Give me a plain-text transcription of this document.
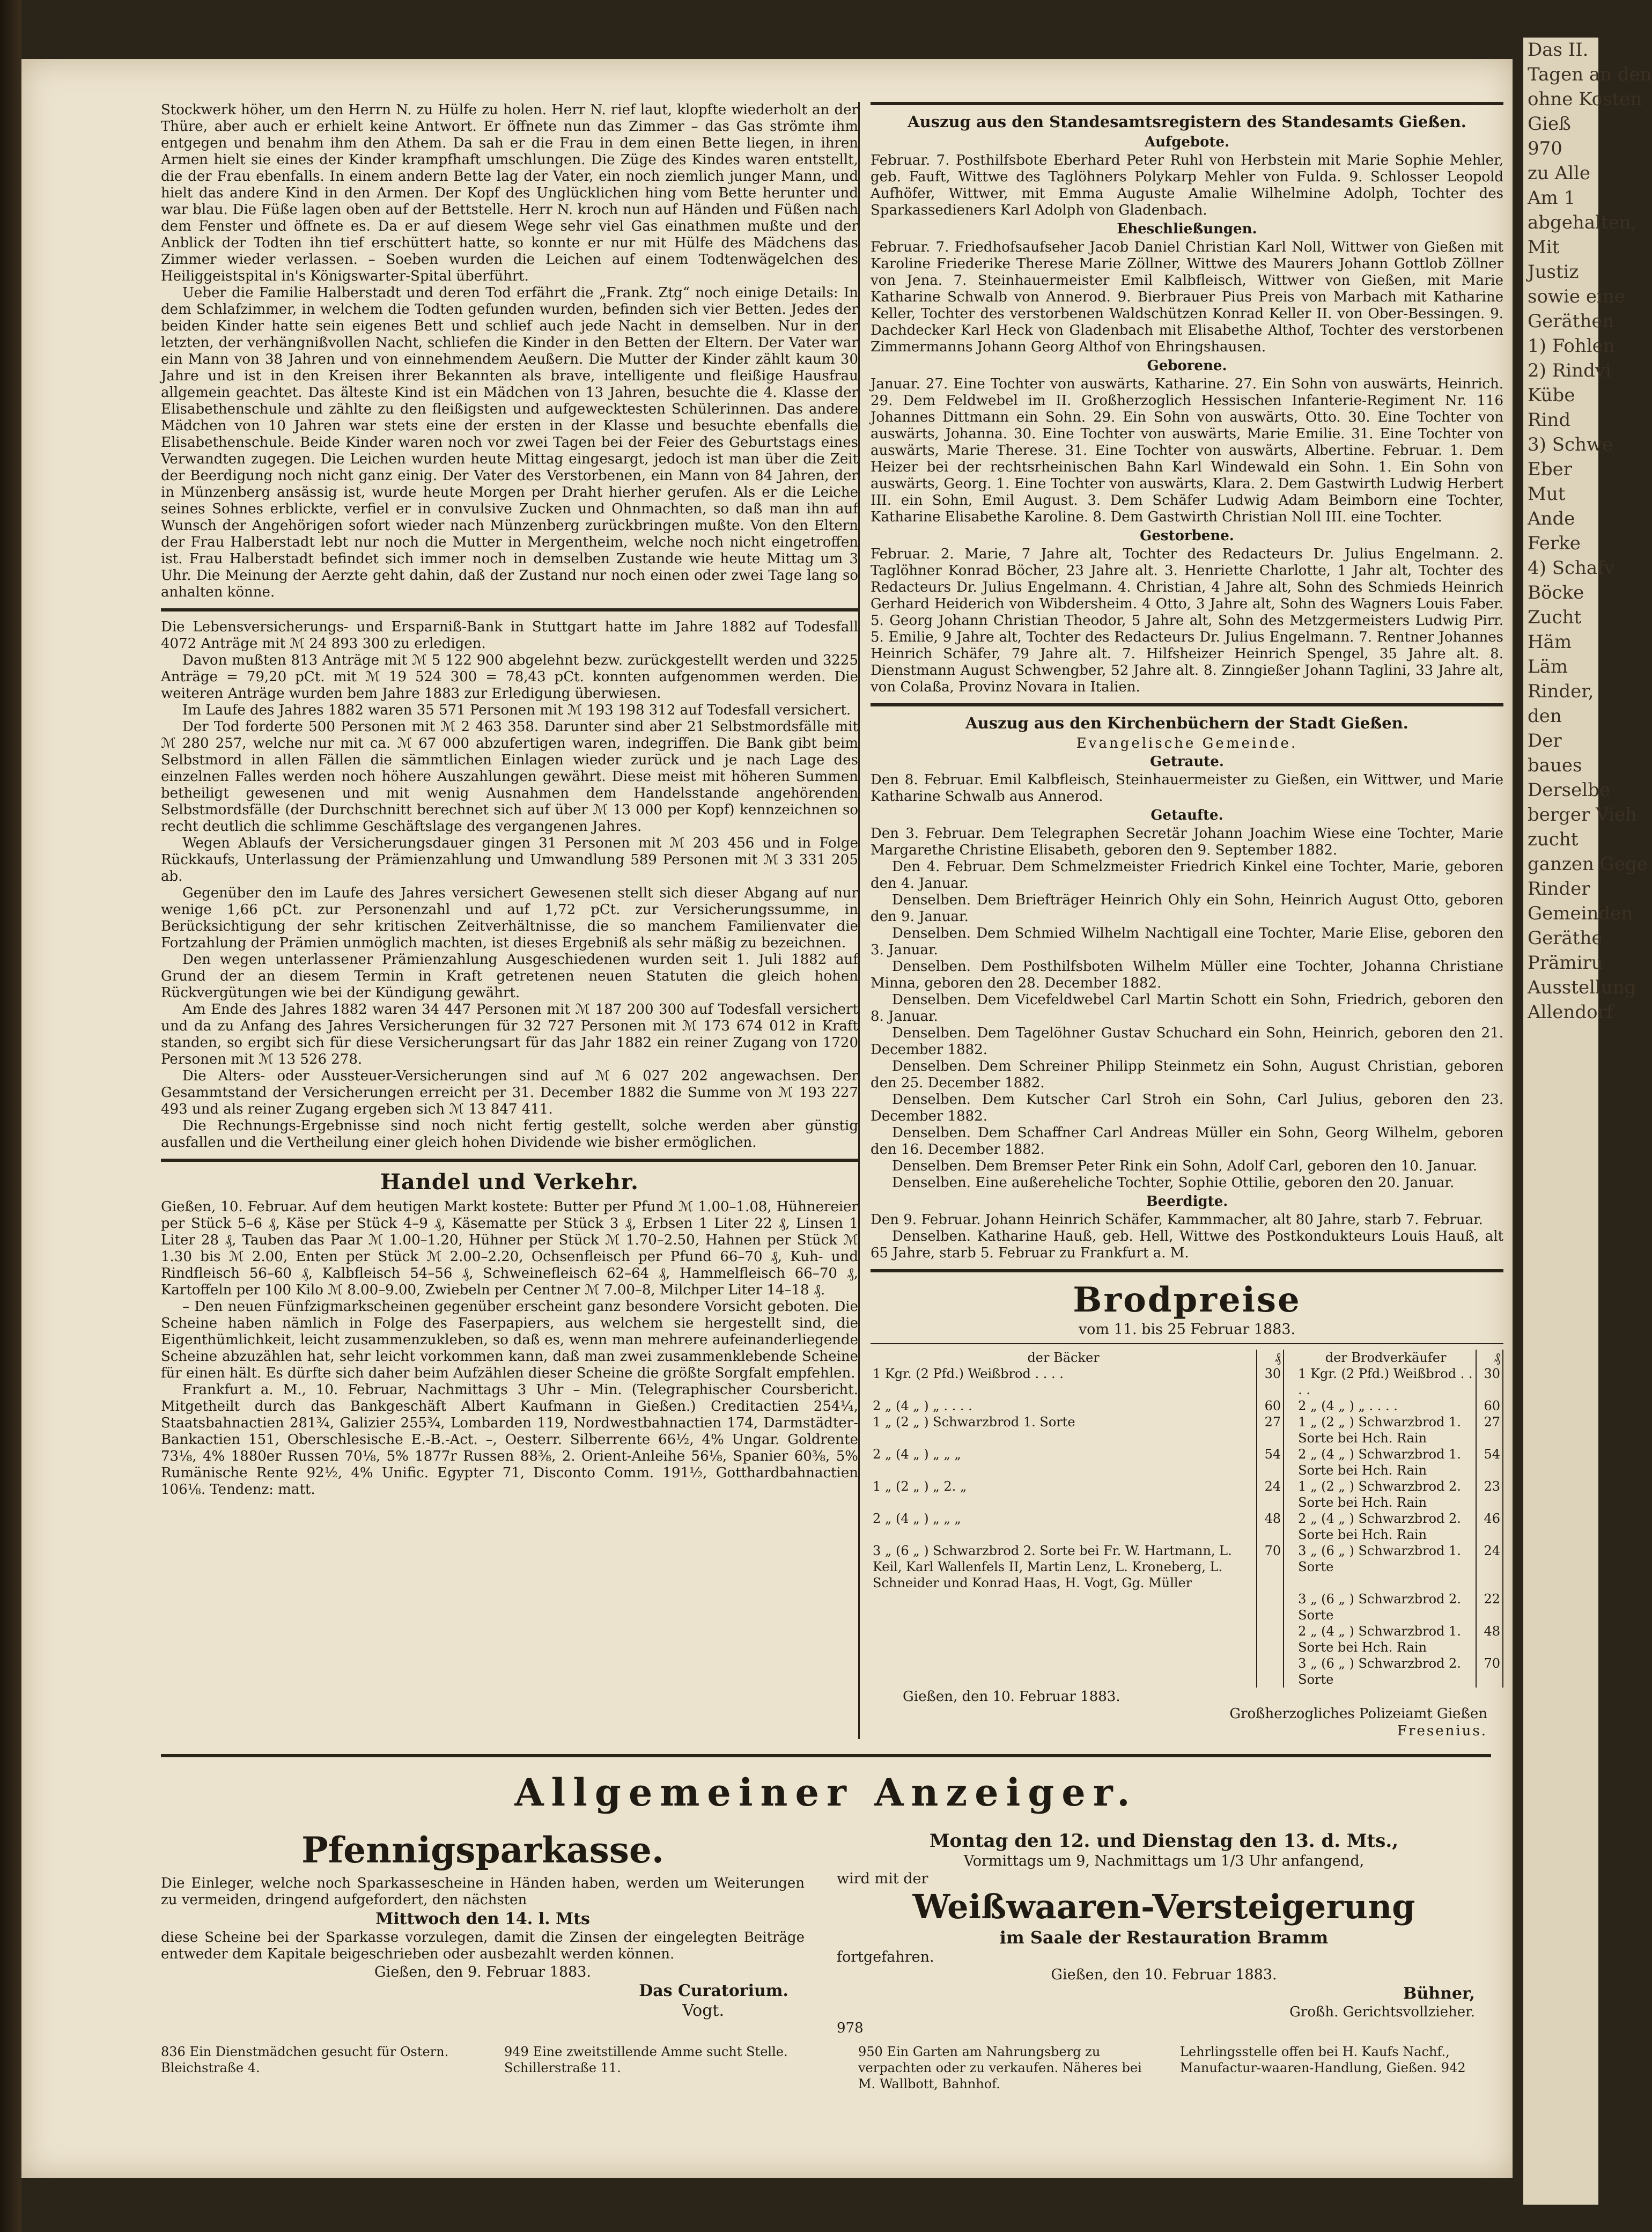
Stockwerk höher, um den Herrn N. zu Hülfe zu holen. Herr N. rief laut, klopfte wiederholt an der Thüre, aber auch er erhielt keine Antwort. Er öffnete nun das Zimmer – das Gas strömte ihm entgegen und benahm ihm den Athem. Da sah er die Frau in dem einen Bette liegen, in ihren Armen hielt sie eines der Kinder krampfhaft umschlungen. Die Züge des Kindes waren entstellt, die der Frau ebenfalls. In einem andern Bette lag der Vater, ein noch ziemlich junger Mann, und hielt das andere Kind in den Armen. Der Kopf des Unglücklichen hing vom Bette herunter und war blau. Die Füße lagen oben auf der Bettstelle. Herr N. kroch nun auf Händen und Füßen nach dem Fenster und öffnete es. Da er auf diesem Wege sehr viel Gas einathmen mußte und der Anblick der Todten ihn tief erschüttert hatte, so konnte er nur mit Hülfe des Mädchens das Zimmer wieder verlassen. – Soeben wurden die Leichen auf einem Todtenwägelchen des Heiliggeistspital in's Königswarter-Spital überführt.

Ueber die Familie Halberstadt und deren Tod erfährt die „Frank. Ztg“ noch einige Details: In dem Schlafzimmer, in welchem die Todten gefunden wurden, befinden sich vier Betten. Jedes der beiden Kinder hatte sein eigenes Bett und schlief auch jede Nacht in demselben. Nur in der letzten, der verhängnißvollen Nacht, schliefen die Kinder in den Betten der Eltern. Der Vater war ein Mann von 38 Jahren und von einnehmendem Aeußern. Die Mutter der Kinder zählt kaum 30 Jahre und ist in den Kreisen ihrer Bekannten als brave, intelligente und fleißige Hausfrau allgemein geachtet. Das älteste Kind ist ein Mädchen von 13 Jahren, besuchte die 4. Klasse der Elisabethenschule und zählte zu den fleißigsten und aufgewecktesten Schülerinnen. Das andere Mädchen von 10 Jahren war stets eine der ersten in der Klasse und besuchte ebenfalls die Elisabethenschule. Beide Kinder waren noch vor zwei Tagen bei der Feier des Geburtstags eines Verwandten zugegen. Die Leichen wurden heute Mittag eingesargt, jedoch ist man über die Zeit der Beerdigung noch nicht ganz einig. Der Vater des Verstorbenen, ein Mann von 84 Jahren, der in Münzenberg ansässig ist, wurde heute Morgen per Draht hierher gerufen. Als er die Leiche seines Sohnes erblickte, verfiel er in convulsive Zucken und Ohnmachten, so daß man ihn auf Wunsch der Angehörigen sofort wieder nach Münzenberg zurückbringen mußte. Von den Eltern der Frau Halberstadt lebt nur noch die Mutter in Mergentheim, welche noch nicht eingetroffen ist. Frau Halberstadt befindet sich immer noch in demselben Zustande wie heute Mittag um 3 Uhr. Die Meinung der Aerzte geht dahin, daß der Zustand nur noch einen oder zwei Tage lang so anhalten könne.

Die Lebensversicherungs- und Ersparniß-Bank in Stuttgart hatte im Jahre 1882 auf Todesfall 4072 Anträge mit ℳ 24 893 300 zu erledigen.

Davon mußten 813 Anträge mit ℳ 5 122 900 abgelehnt bezw. zurückgestellt werden und 3225 Anträge = 79,20 pCt. mit ℳ 19 524 300 = 78,43 pCt. konnten aufgenommen werden. Die weiteren Anträge wurden bem Jahre 1883 zur Erledigung überwiesen.

Im Laufe des Jahres 1882 waren 35 571 Personen mit ℳ 193 198 312 auf Todesfall versichert.

Der Tod forderte 500 Personen mit ℳ 2 463 358. Darunter sind aber 21 Selbstmordsfälle mit ℳ 280 257, welche nur mit ca. ℳ 67 000 abzufertigen waren, indegriffen. Die Bank gibt beim Selbstmord in allen Fällen die sämmtlichen Einlagen wieder zurück und je nach Lage des einzelnen Falles werden noch höhere Auszahlungen gewährt. Diese meist mit höheren Summen betheiligt gewesenen und mit wenig Ausnahmen dem Handelsstande angehörenden Selbstmordsfälle (der Durchschnitt berechnet sich auf über ℳ 13 000 per Kopf) kennzeichnen so recht deutlich die schlimme Geschäftslage des vergangenen Jahres.

Wegen Ablaufs der Versicherungsdauer gingen 31 Personen mit ℳ 203 456 und in Folge Rückkaufs, Unterlassung der Prämienzahlung und Umwandlung 589 Personen mit ℳ 3 331 205 ab.

Gegenüber den im Laufe des Jahres versichert Gewesenen stellt sich dieser Abgang auf nur wenige 1,66 pCt. zur Personenzahl und auf 1,72 pCt. zur Versicherungssumme, in Berücksichtigung der sehr kritischen Zeitverhältnisse, die so manchem Familienvater die Fortzahlung der Prämien unmöglich machten, ist dieses Ergebniß als sehr mäßig zu bezeichnen.

Den wegen unterlassener Prämienzahlung Ausgeschiedenen wurden seit 1. Juli 1882 auf Grund der an diesem Termin in Kraft getretenen neuen Statuten die gleich hohen Rückvergütungen wie bei der Kündigung gewährt.

Am Ende des Jahres 1882 waren 34 447 Personen mit ℳ 187 200 300 auf Todesfall versichert und da zu Anfang des Jahres Versicherungen für 32 727 Personen mit ℳ 173 674 012 in Kraft standen, so ergibt sich für diese Versicherungsart für das Jahr 1882 ein reiner Zugang von 1720 Personen mit ℳ 13 526 278.

Die Alters- oder Aussteuer-Versicherungen sind auf ℳ 6 027 202 angewachsen. Der Gesammtstand der Versicherungen erreicht per 31. December 1882 die Summe von ℳ 193 227 493 und als reiner Zugang ergeben sich ℳ 13 847 411.

Die Rechnungs-Ergebnisse sind noch nicht fertig gestellt, solche werden aber günstig ausfallen und die Vertheilung einer gleich hohen Dividende wie bisher ermöglichen.

Handel und Verkehr.

Gießen, 10. Februar. Auf dem heutigen Markt kostete: Butter per Pfund ℳ 1.00–1.08, Hühnereier per Stück 5–6 ₰, Käse per Stück 4–9 ₰, Käsematte per Stück 3 ₰, Erbsen 1 Liter 22 ₰, Linsen 1 Liter 28 ₰, Tauben das Paar ℳ 1.00–1.20, Hühner per Stück ℳ 1.70–2.50, Hahnen per Stück ℳ 1.30 bis ℳ 2.00, Enten per Stück ℳ 2.00–2.20, Ochsenfleisch per Pfund 66–70 ₰, Kuh- und Rindfleisch 56–60 ₰, Kalbfleisch 54–56 ₰, Schweinefleisch 62–64 ₰, Hammelfleisch 66–70 ₰, Kartoffeln per 100 Kilo ℳ 8.00–9.00, Zwiebeln per Centner ℳ 7.00–8, Milchper Liter 14–18 ₰.

– Den neuen Fünfzigmarkscheinen gegenüber erscheint ganz besondere Vorsicht geboten. Die Scheine haben nämlich in Folge des Faserpapiers, aus welchem sie hergestellt sind, die Eigenthümlichkeit, leicht zusammenzukleben, so daß es, wenn man mehrere aufeinanderliegende Scheine abzuzählen hat, sehr leicht vorkommen kann, daß man zwei zusammenklebende Scheine für einen hält. Es dürfte sich daher beim Aufzählen dieser Scheine die größte Sorgfalt empfehlen.

Frankfurt a. M., 10. Februar, Nachmittags 3 Uhr – Min. (Telegraphischer Coursbericht. Mitgetheilt durch das Bankgeschäft Albert Kaufmann in Gießen.) Creditactien 254¼, Staatsbahnactien 281¾, Galizier 255¾, Lombarden 119, Nordwestbahnactien 174, Darmstädter-Bankactien 151, Oberschlesische E.-B.-Act. –, Oesterr. Silberrente 66½, 4% Ungar. Goldrente 73⅛, 4% 1880er Russen 70⅛, 5% 1877r Russen 88⅜, 2. Orient-Anleihe 56⅛, Spanier 60⅜, 5% Rumänische Rente 92½, 4% Unific. Egypter 71, Disconto Comm. 191½, Gotthardbahnactien 106⅛. Tendenz: matt.

Auszug aus den Standesamtsregistern des Standesamts Gießen.
Aufgebote.

Februar. 7. Posthilfsbote Eberhard Peter Ruhl von Herbstein mit Marie Sophie Mehler, geb. Fauft, Wittwe des Taglöhners Polykarp Mehler von Fulda. 9. Schlosser Leopold Aufhöfer, Wittwer, mit Emma Auguste Amalie Wilhelmine Adolph, Tochter des Sparkassedieners Karl Adolph von Gladenbach.

Eheschließungen.

Februar. 7. Friedhofsaufseher Jacob Daniel Christian Karl Noll, Wittwer von Gießen mit Karoline Friederike Therese Marie Zöllner, Wittwe des Maurers Johann Gottlob Zöllner von Jena. 7. Steinhauermeister Emil Kalbfleisch, Wittwer von Gießen, mit Marie Katharine Schwalb von Annerod. 9. Bierbrauer Pius Preis von Marbach mit Katharine Keller, Tochter des verstorbenen Waldschützen Konrad Keller II. von Ober-Bessingen. 9. Dachdecker Karl Heck von Gladenbach mit Elisabethe Althof, Tochter des verstorbenen Zimmermanns Johann Georg Althof von Ehringshausen.

Geborene.

Januar. 27. Eine Tochter von auswärts, Katharine. 27. Ein Sohn von auswärts, Heinrich. 29. Dem Feldwebel im II. Großherzoglich Hessischen Infanterie-Regiment Nr. 116 Johannes Dittmann ein Sohn. 29. Ein Sohn von auswärts, Otto. 30. Eine Tochter von auswärts, Johanna. 30. Eine Tochter von auswärts, Marie Emilie. 31. Eine Tochter von auswärts, Marie Therese. 31. Eine Tochter von auswärts, Albertine. Februar. 1. Dem Heizer bei der rechtsrheinischen Bahn Karl Windewald ein Sohn. 1. Ein Sohn von auswärts, Georg. 1. Eine Tochter von auswärts, Klara. 2. Dem Gastwirth Ludwig Herbert III. ein Sohn, Emil August. 3. Dem Schäfer Ludwig Adam Beimborn eine Tochter, Katharine Elisabethe Karoline. 8. Dem Gastwirth Christian Noll III. eine Tochter.

Gestorbene.

Februar. 2. Marie, 7 Jahre alt, Tochter des Redacteurs Dr. Julius Engelmann. 2. Taglöhner Konrad Böcher, 23 Jahre alt. 3. Henriette Charlotte, 1 Jahr alt, Tochter des Redacteurs Dr. Julius Engelmann. 4. Christian, 4 Jahre alt, Sohn des Schmieds Heinrich Gerhard Heiderich von Wibdersheim. 4 Otto, 3 Jahre alt, Sohn des Wagners Louis Faber. 5. Georg Johann Christian Theodor, 5 Jahre alt, Sohn des Metzgermeisters Ludwig Pirr. 5. Emilie, 9 Jahre alt, Tochter des Redacteurs Dr. Julius Engelmann. 7. Rentner Johannes Heinrich Schäfer, 79 Jahre alt. 7. Hilfsheizer Heinrich Spengel, 35 Jahre alt. 8. Dienstmann August Schwengber, 52 Jahre alt. 8. Zinngießer Johann Taglini, 33 Jahre alt, von Colaßa, Provinz Novara in Italien.

Auszug aus den Kirchenbüchern der Stadt Gießen.
Evangelische Gemeinde.
Getraute.

Den 8. Februar. Emil Kalbfleisch, Steinhauermeister zu Gießen, ein Wittwer, und Marie Katharine Schwalb aus Annerod.

Getaufte.

Den 3. Februar. Dem Telegraphen Secretär Johann Joachim Wiese eine Tochter, Marie Margarethe Christine Elisabeth, geboren den 9. September 1882.

Den 4. Februar. Dem Schmelzmeister Friedrich Kinkel eine Tochter, Marie, geboren den 4. Januar.

Denselben. Dem Briefträger Heinrich Ohly ein Sohn, Heinrich August Otto, geboren den 9. Januar.

Denselben. Dem Schmied Wilhelm Nachtigall eine Tochter, Marie Elise, geboren den 3. Januar.

Denselben. Dem Posthilfsboten Wilhelm Müller eine Tochter, Johanna Christiane Minna, geboren den 28. December 1882.

Denselben. Dem Vicefeldwebel Carl Martin Schott ein Sohn, Friedrich, geboren den 8. Januar.

Denselben. Dem Tagelöhner Gustav Schuchard ein Sohn, Heinrich, geboren den 21. December 1882.

Denselben. Dem Schreiner Philipp Steinmetz ein Sohn, August Christian, geboren den 25. December 1882.

Denselben. Dem Kutscher Carl Stroh ein Sohn, Carl Julius, geboren den 23. December 1882.

Denselben. Dem Schaffner Carl Andreas Müller ein Sohn, Georg Wilhelm, geboren den 16. December 1882.

Denselben. Dem Bremser Peter Rink ein Sohn, Adolf Carl, geboren den 10. Januar.

Denselben. Eine außereheliche Tochter, Sophie Ottilie, geboren den 20. Januar.

Beerdigte.

Den 9. Februar. Johann Heinrich Schäfer, Kammmacher, alt 80 Jahre, starb 7. Februar.

Denselben. Katharine Hauß, geb. Hell, Wittwe des Postkondukteurs Louis Hauß, alt 65 Jahre, starb 5. Februar zu Frankfurt a. M.

Brodpreise
vom 11. bis 25 Februar 1883.
der Bäcker	₰		der Brodverkäufer	₰
1 Kgr. (2 Pfd.) Weißbrod . . . .	30		1 Kgr. (2 Pfd.) Weißbrod . . . .	30
2 „ (4 „ ) „ . . . .	60		2 „ (4 „ ) „ . . . .	60
1 „ (2 „ ) Schwarzbrod 1. Sorte	27		1 „ (2 „ ) Schwarzbrod 1. Sorte bei Hch. Rain	27
2 „ (4 „ ) „ „ „	54		2 „ (4 „ ) Schwarzbrod 1. Sorte bei Hch. Rain	54
1 „ (2 „ ) „ 2. „	24		1 „ (2 „ ) Schwarzbrod 2. Sorte bei Hch. Rain	23
2 „ (4 „ ) „ „ „	48		2 „ (4 „ ) Schwarzbrod 2. Sorte bei Hch. Rain	46
3 „ (6 „ ) Schwarzbrod 2. Sorte bei Fr. W. Hartmann, L. Keil, Karl Wallenfels II, Martin Lenz, L. Kroneberg, L. Schneider und Konrad Haas, H. Vogt, Gg. Müller	70		3 „ (6 „ ) Schwarzbrod 1. Sorte	24
			3 „ (6 „ ) Schwarzbrod 2. Sorte	22
			2 „ (4 „ ) Schwarzbrod 1. Sorte bei Hch. Rain	48
			3 „ (6 „ ) Schwarzbrod 2. Sorte	70
Gießen, den 10. Februar 1883.
Großherzogliches Polizeiamt Gießen
Fresenius.
Allgemeiner Anzeiger.
Pfennigsparkasse.

Die Einleger, welche noch Sparkassescheine in Händen haben, werden um Weiterungen zu vermeiden, dringend aufgefordert, den nächsten

Mittwoch den 14. l. Mts

diese Scheine bei der Sparkasse vorzulegen, damit die Zinsen der eingelegten Beiträge entweder dem Kapitale beigeschrieben oder ausbezahlt werden können.

Gießen, den 9. Februar 1883.
Das Curatorium.
Vogt.
Montag den 12. und Dienstag den 13. d. Mts.,
Vormittags um 9, Nachmittags um 1/3 Uhr anfangend,
wird mit der
Weißwaaren-Versteigerung
im Saale der Restauration Bramm
fortgefahren.
Gießen, den 10. Februar 1883.
Bühner,
Großh. Gerichtsvollzieher.
978
836 Ein Dienstmädchen gesucht für Ostern. Bleichstraße 4.
949 Eine zweitstillende Amme sucht Stelle. Schillerstraße 11.
950 Ein Garten am Nahrungsberg zu verpachten oder zu verkaufen. Näheres bei M. Wallbott, Bahnhof.
Lehrlingsstelle offen bei H. Kaufs Nachf., Manufactur-waaren-Handlung, Gießen. 942
Das II.
Tagen an den
ohne Kosten
Gieß
970
zu Alle
Am 1
abgehalten,
Mit
Justiz
sowie eine
Geräthen
1) Fohlen
2) Rindvi
Kübe
Rind
3) Schwe
Eber
Mut
Ande
Ferke
4) Schafv
Böcke
Zucht
Häm
Läm
Rinder,
den
Der
baues
Derselbe
berger Vieh
zucht
ganzen Gege
Rinder
Gemeinden
Geräthe
Prämiru
Ausstellung
Allendorf
